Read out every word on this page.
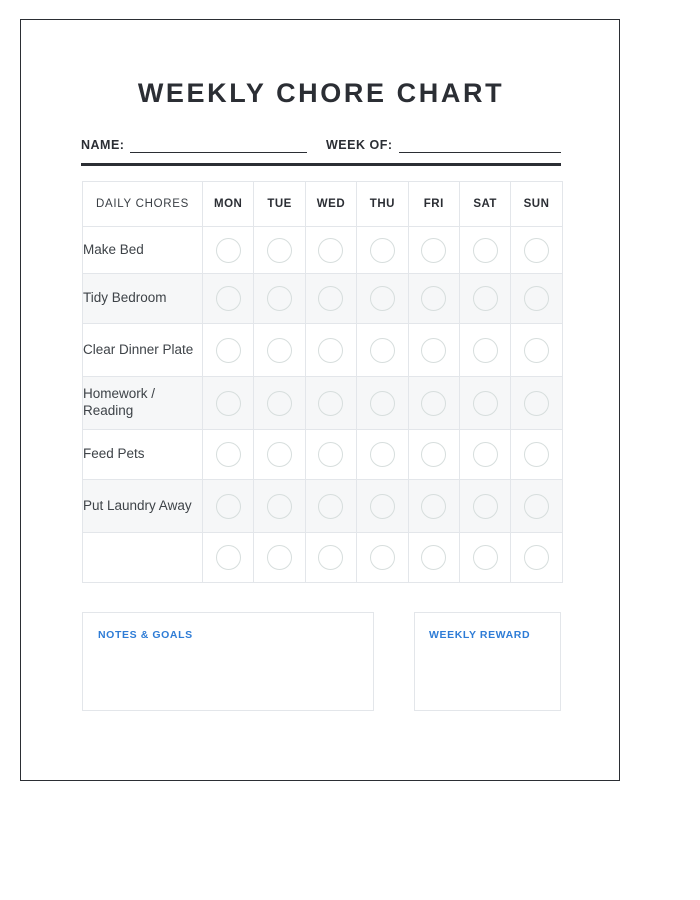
WEEKLY CHORE CHART
NAME:	WEEK OF:
DAILY CHORES	MON	TUE	WED	THU	FRI	SAT	SUN
Make Bed							
Tidy Bedroom							
Clear Dinner Plate							
Homework / Reading							
Feed Pets							
Put Laundry Away							

NOTES & GOALS	WEEKLY REWARD
